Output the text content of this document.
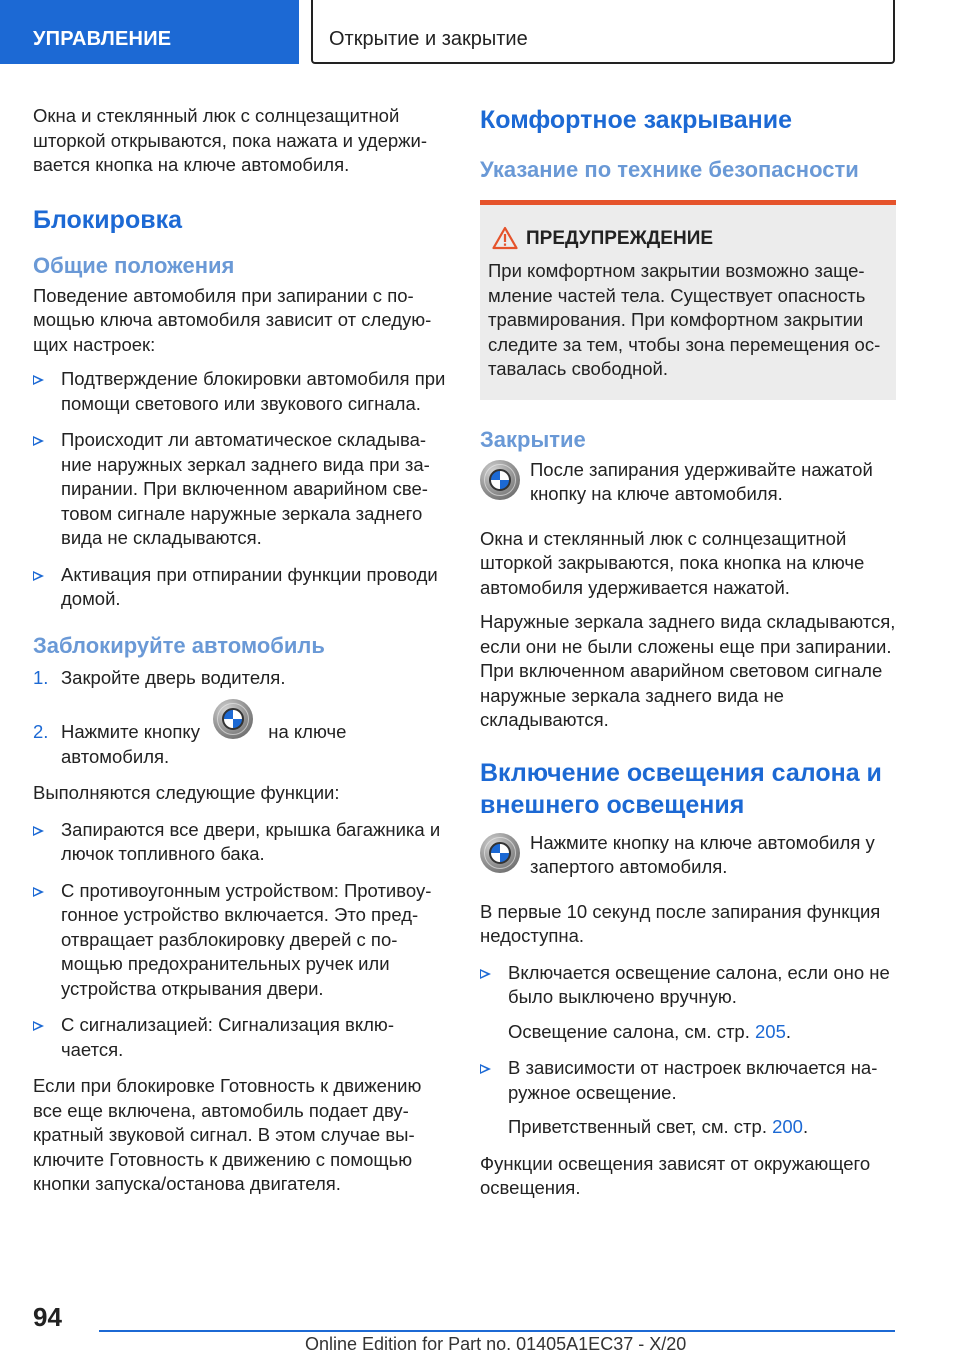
УПРАВЛЕНИЕ	Открытие и закрытие

Окна и стеклянный люк с солнцезащитной шторкой открываются, пока нажата и удерживается кнопка на ключе автомобиля.

Блокировка
Общие положения

Поведение автомобиля при запирании с помощью ключа автомобиля зависит от следующих настроек:

Подтверждение блокировки автомобиля при помощи светового или звукового сигнала.
Происходит ли автоматическое складывание наружных зеркал заднего вида при запирании. При включенном аварийном световом сигнале наружные зеркала заднего вида не складываются.
Активация при отпирании функции проводи домой.
Заблокируйте автомобиль
1. Закройте дверь водителя.
2. Нажмите кнопку	на ключе автомобиля.

Выполняются следующие функции:

Запираются все двери, крышка багажника и лючок топливного бака.
С противоугонным устройством: Противоугонное устройство включается. Это предотвращает разблокировку дверей с помощью предохранительных ручек или устройства открывания двери.
С сигнализацией: Сигнализация включается.

Если при блокировке Готовность к движению все еще включена, автомобиль подает двукратный звуковой сигнал. В этом случае выключите Готовность к движению с помощью кнопки запуска/останова двигателя.

Комфортное закрывание
Указание по технике безопасности
ПРЕДУПРЕЖДЕНИЕ

При комфортном закрытии возможно защемление частей тела. Существует опасность травмирования. При комфортном закрытии следите за тем, чтобы зона перемещения оставалась свободной.

Закрытие
После запирания удерживайте нажатой кнопку на ключе автомобиля.

Окна и стеклянный люк с солнцезащитной шторкой закрываются, пока кнопка на ключе автомобиля удерживается нажатой.

Наружные зеркала заднего вида складываются, если они не были сложены еще при запирании. При включенном аварийном световом сигнале наружные зеркала заднего вида не складываются.

Включение освещения салона и внешнего освещения
Нажмите кнопку на ключе автомобиля у запертого автомобиля.

В первые 10 секунд после запирания функция недоступна.

Включается освещение салона, если оно не было выключено вручную.
Освещение салона, см. стр. 205.
В зависимости от настроек включается наружное освещение.
Приветственный свет, см. стр. 200.

Функции освещения зависят от окружающего освещения.

94
Online Edition for Part no. 01405A1EC37 - X/20
